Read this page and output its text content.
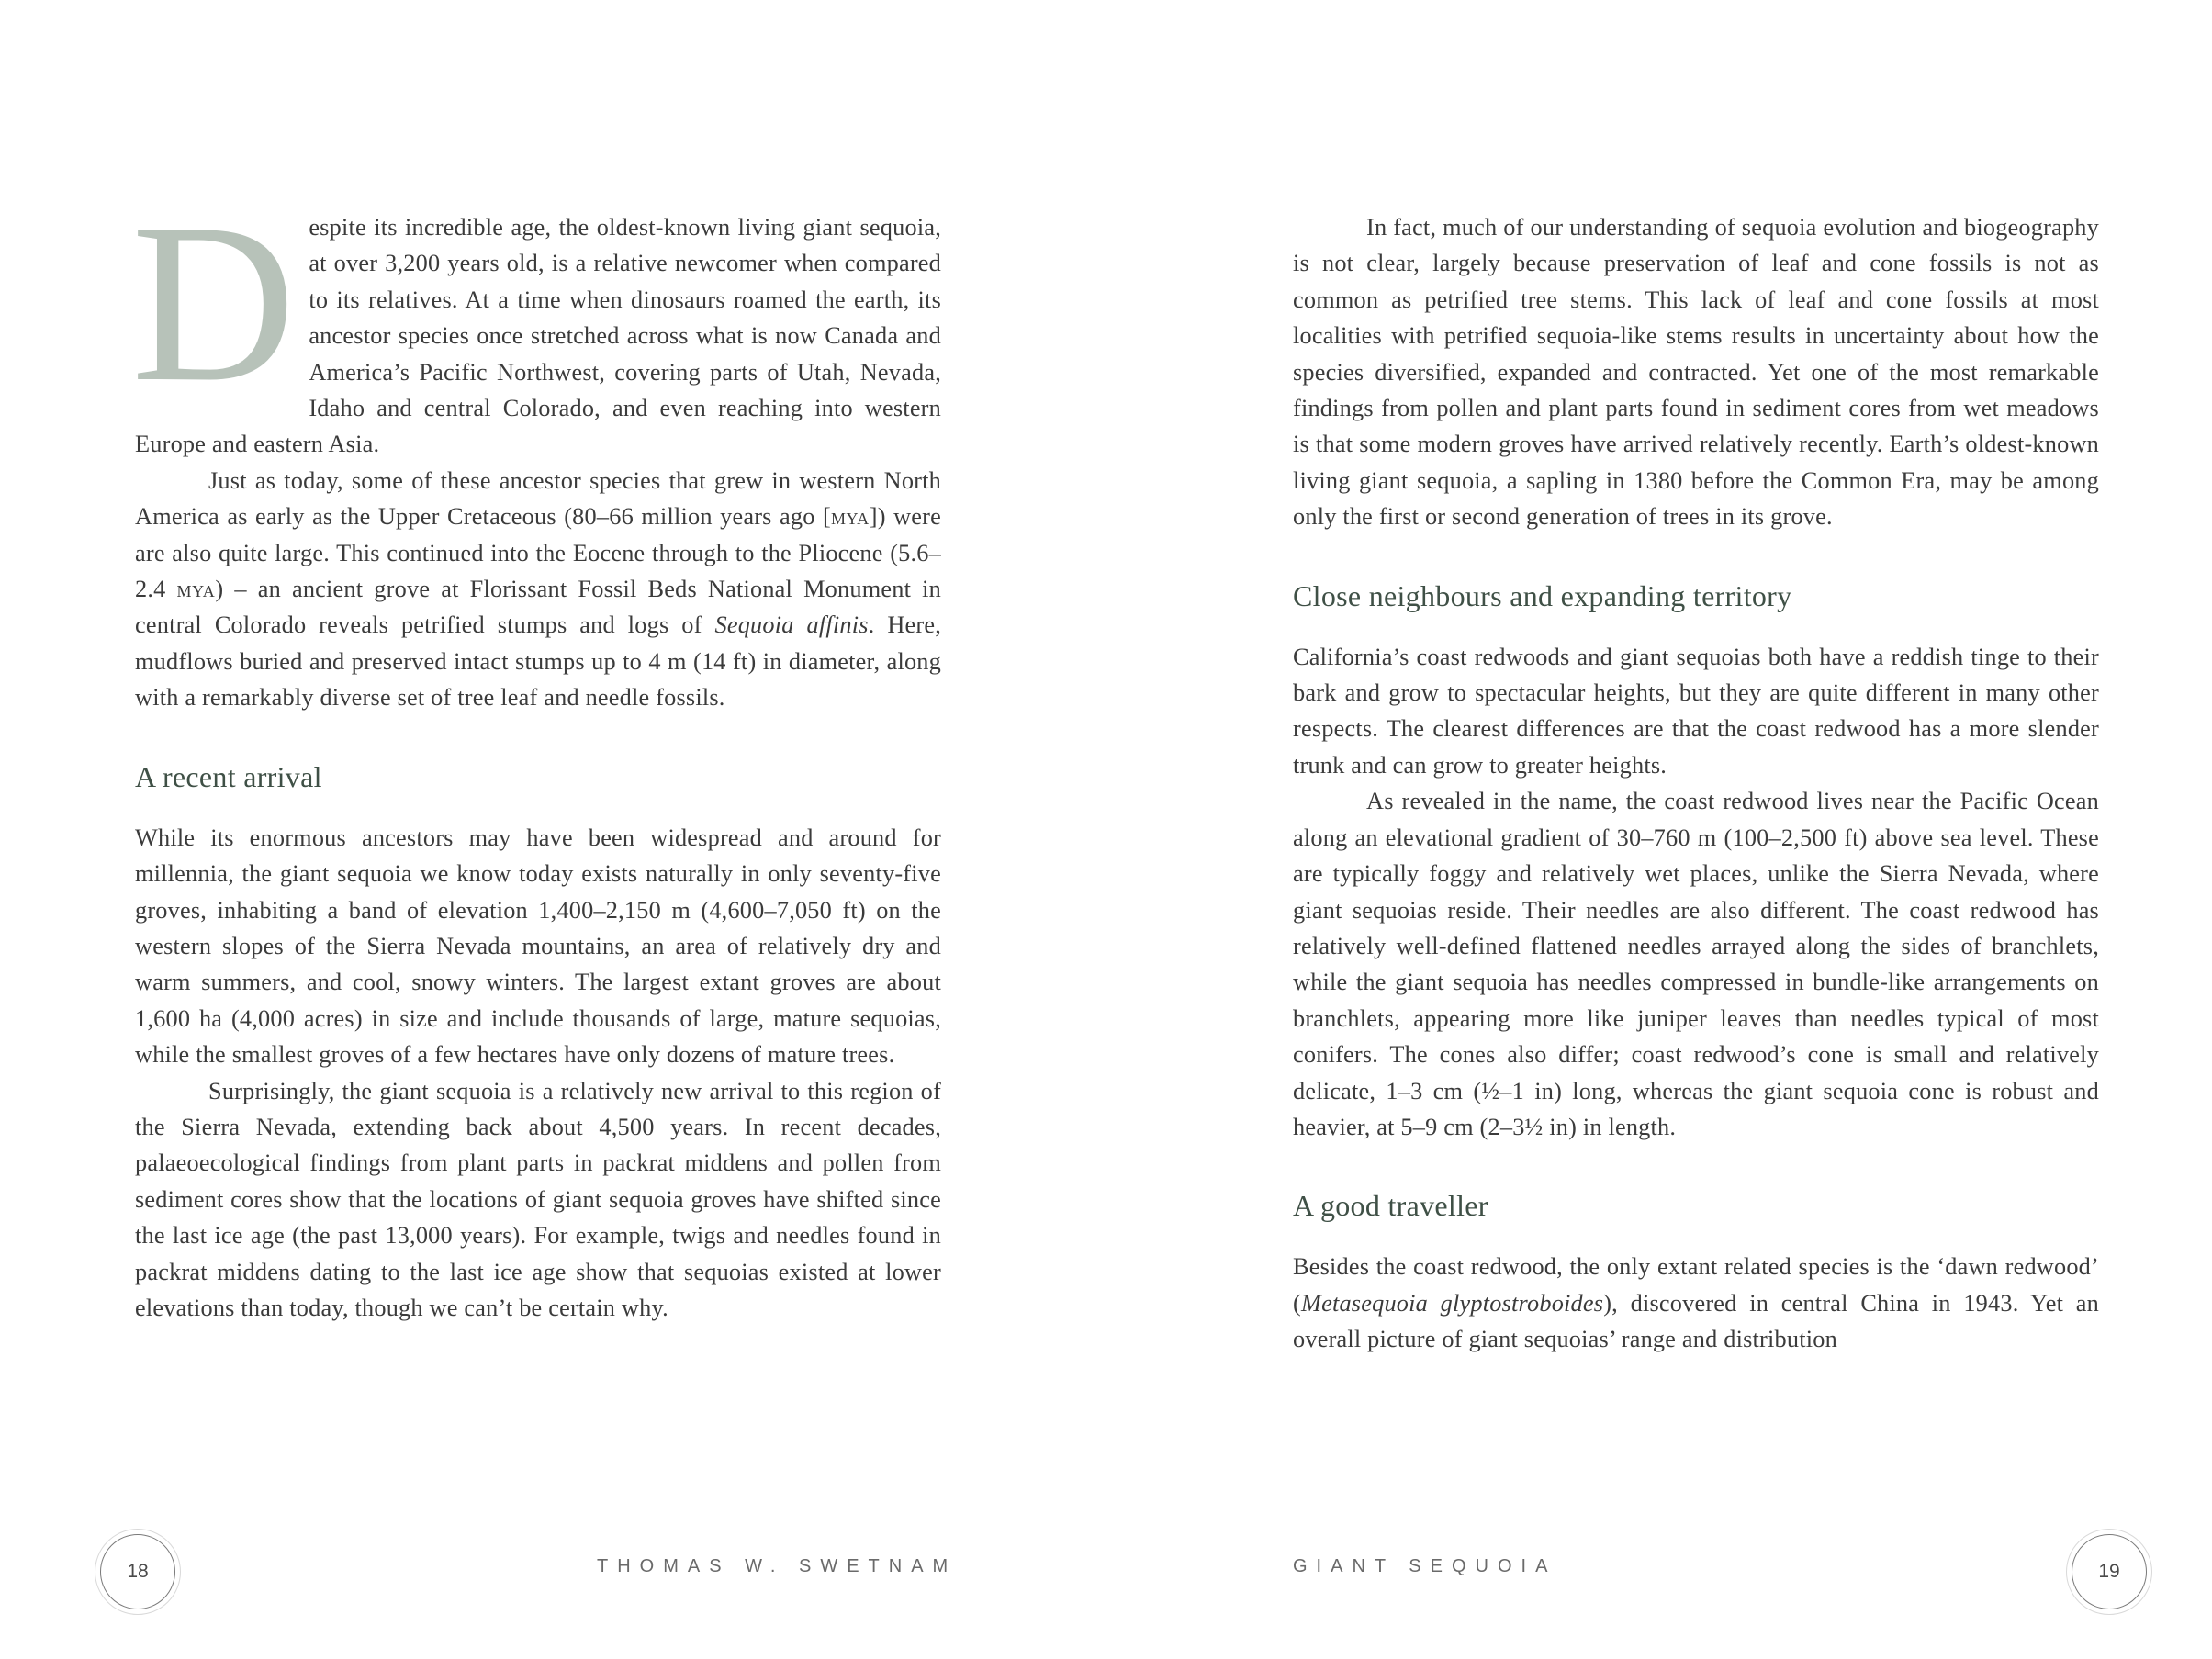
Despite its incredible age, the oldest-known living giant sequoia, at over 3,200 years old, is a relative newcomer when compared to its relatives. At a time when dinosaurs roamed the earth, its ancestor species once stretched across what is now Canada and America’s Pacific Northwest, covering parts of Utah, Nevada, Idaho and central Colorado, and even reaching into western Europe and eastern Asia.

Just as today, some of these ancestor species that grew in western North America as early as the Upper Cretaceous (80–66 million years ago [mya]) were are also quite large. This continued into the Eocene through to the Pliocene (5.6–2.4 mya) – an ancient grove at Florissant Fossil Beds National Monument in central Colorado reveals petrified stumps and logs of Sequoia affinis. Here, mudflows buried and preserved intact stumps up to 4 m (14 ft) in diameter, along with a remarkably diverse set of tree leaf and needle fossils.

A recent arrival

While its enormous ancestors may have been widespread and around for millennia, the giant sequoia we know today exists naturally in only seventy-five groves, inhabiting a band of elevation 1,400–2,150 m (4,600–7,050 ft) on the western slopes of the Sierra Nevada mountains, an area of relatively dry and warm summers, and cool, snowy winters. The largest extant groves are about 1,600 ha (4,000 acres) in size and include thousands of large, mature sequoias, while the smallest groves of a few hectares have only dozens of mature trees.

Surprisingly, the giant sequoia is a relatively new arrival to this region of the Sierra Nevada, extending back about 4,500 years. In recent decades, palaeoecological findings from plant parts in packrat middens and pollen from sediment cores show that the locations of giant sequoia groves have shifted since the last ice age (the past 13,000 years). For example, twigs and needles found in packrat middens dating to the last ice age show that sequoias existed at lower elevations than today, though we can’t be certain why.

In fact, much of our understanding of sequoia evolution and biogeography is not clear, largely because preservation of leaf and cone fossils is not as common as petrified tree stems. This lack of leaf and cone fossils at most localities with petrified sequoia-like stems results in uncertainty about how the species diversified, expanded and contracted. Yet one of the most remarkable findings from pollen and plant parts found in sediment cores from wet meadows is that some modern groves have arrived relatively recently. Earth’s oldest-known living giant sequoia, a sapling in 1380 before the Common Era, may be among only the first or second generation of trees in its grove.

Close neighbours and expanding territory

California’s coast redwoods and giant sequoias both have a reddish tinge to their bark and grow to spectacular heights, but they are quite different in many other respects. The clearest differences are that the coast redwood has a more slender trunk and can grow to greater heights.

As revealed in the name, the coast redwood lives near the Pacific Ocean along an elevational gradient of 30–760 m (100–2,500 ft) above sea level. These are typically foggy and relatively wet places, unlike the Sierra Nevada, where giant sequoias reside. Their needles are also different. The coast redwood has relatively well-defined flattened needles arrayed along the sides of branchlets, while the giant sequoia has needles compressed in bundle-like arrangements on branchlets, appearing more like juniper leaves than needles typical of most conifers. The cones also differ; coast redwood’s cone is small and relatively delicate, 1–3 cm (½–1 in) long, whereas the giant sequoia cone is robust and heavier, at 5–9 cm (2–3½ in) in length.

A good traveller

Besides the coast redwood, the only extant related species is the ‘dawn redwood’ (Metasequoia glyptostroboides), discovered in central China in 1943. Yet an overall picture of giant sequoias’ range and distribution

18	THOMAS W. SWETNAM	GIANT SEQUOIA	19
